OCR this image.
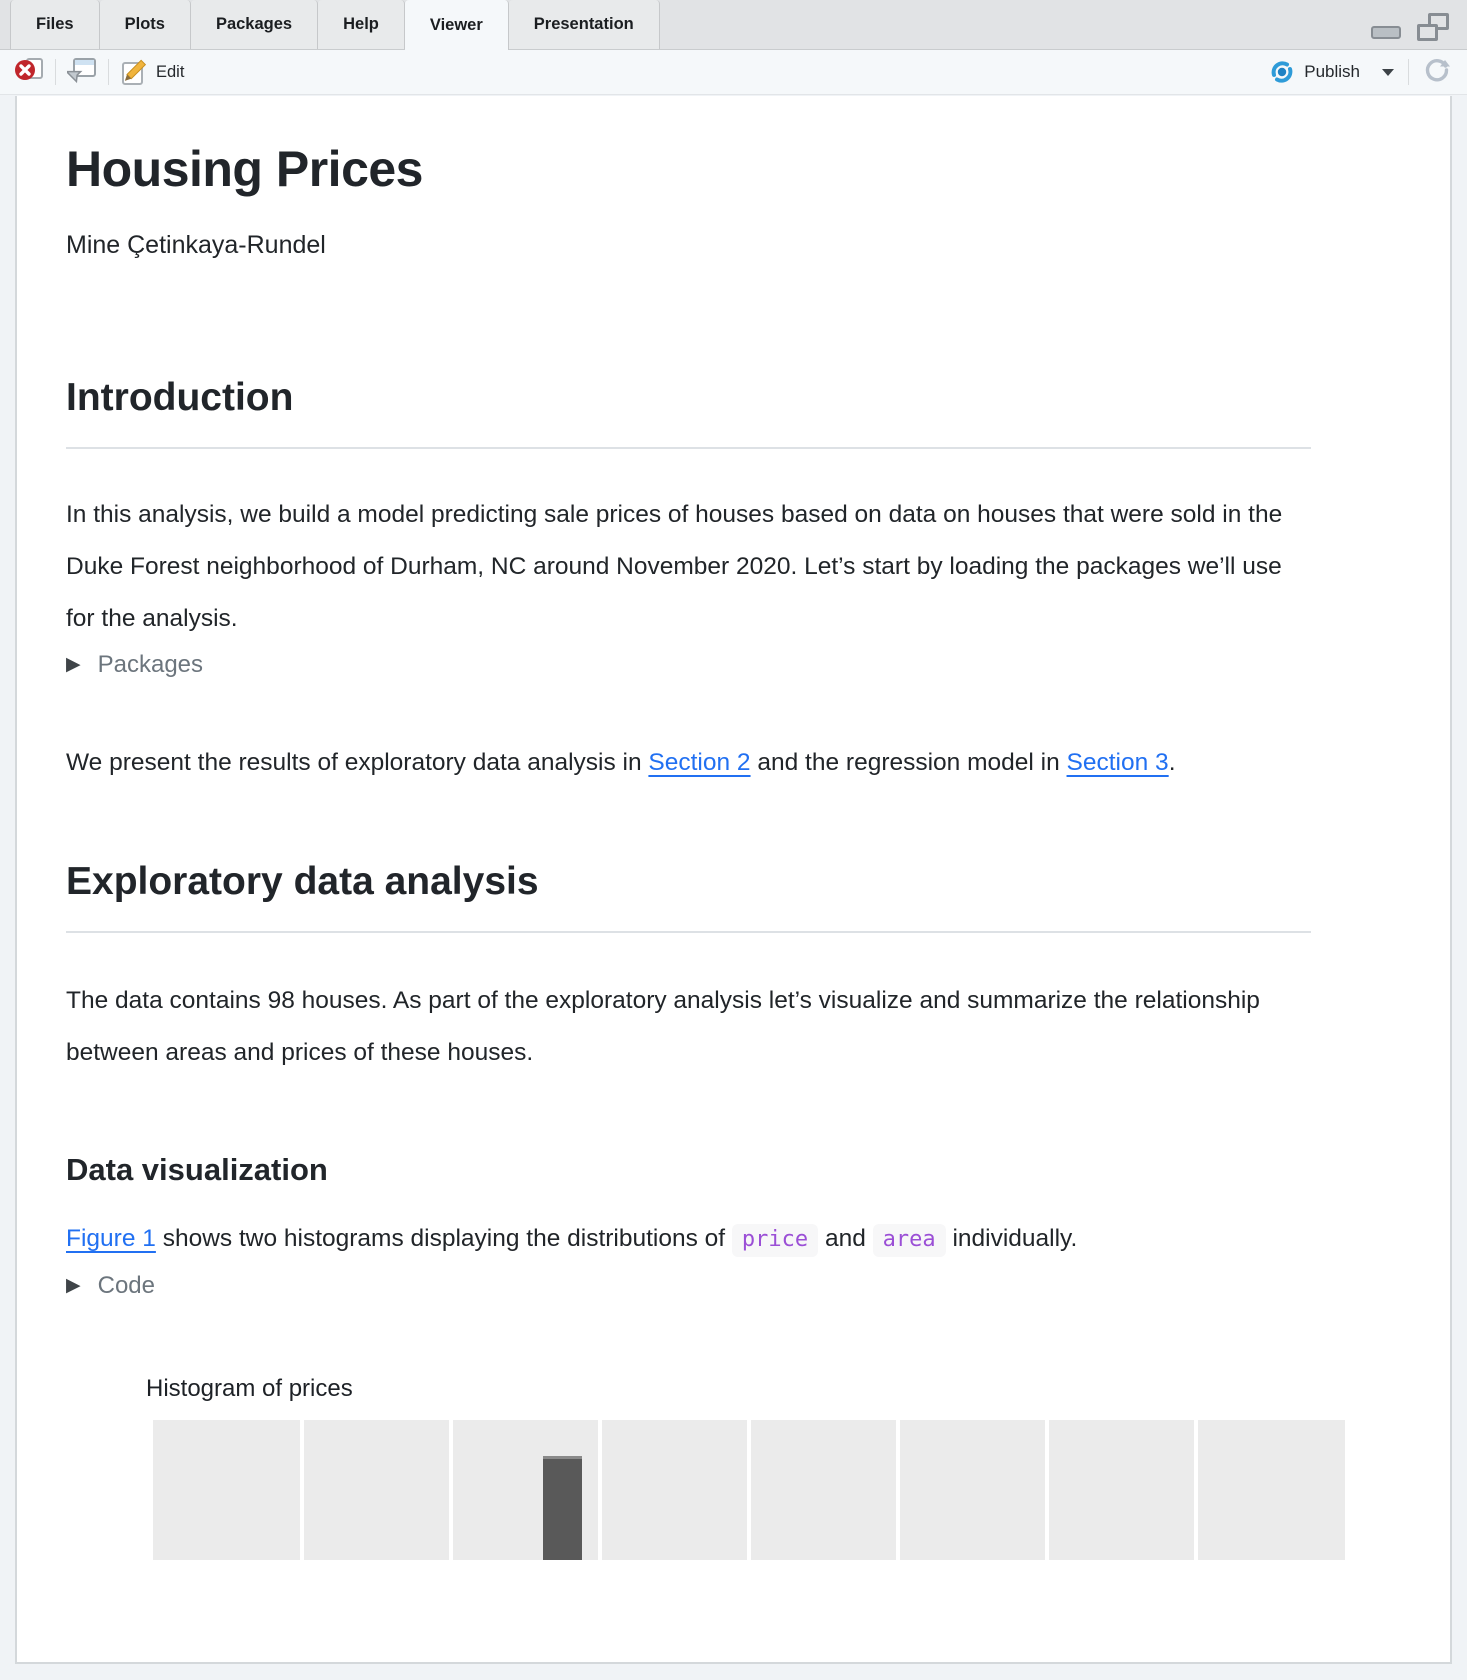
Files	Plots	Packages	Help	Viewer	Presentation
Edit	Publish
Housing Prices
Mine Çetinkaya-Rundel
Introduction

In this analysis, we build a model predicting sale prices of houses based on data on houses that were sold in the Duke Forest neighborhood of Durham, NC around November 2020. Let’s start by loading the packages we’ll use for the analysis.

▶ Packages

We present the results of exploratory data analysis in Section 2 and the regression model in Section 3.

Exploratory data analysis

The data contains 98 houses. As part of the exploratory analysis let’s visualize and summarize the relationship between areas and prices of these houses.

Data visualization

Figure 1 shows two histograms displaying the distributions of price and area individually.

▶ Code
Histogram of prices
